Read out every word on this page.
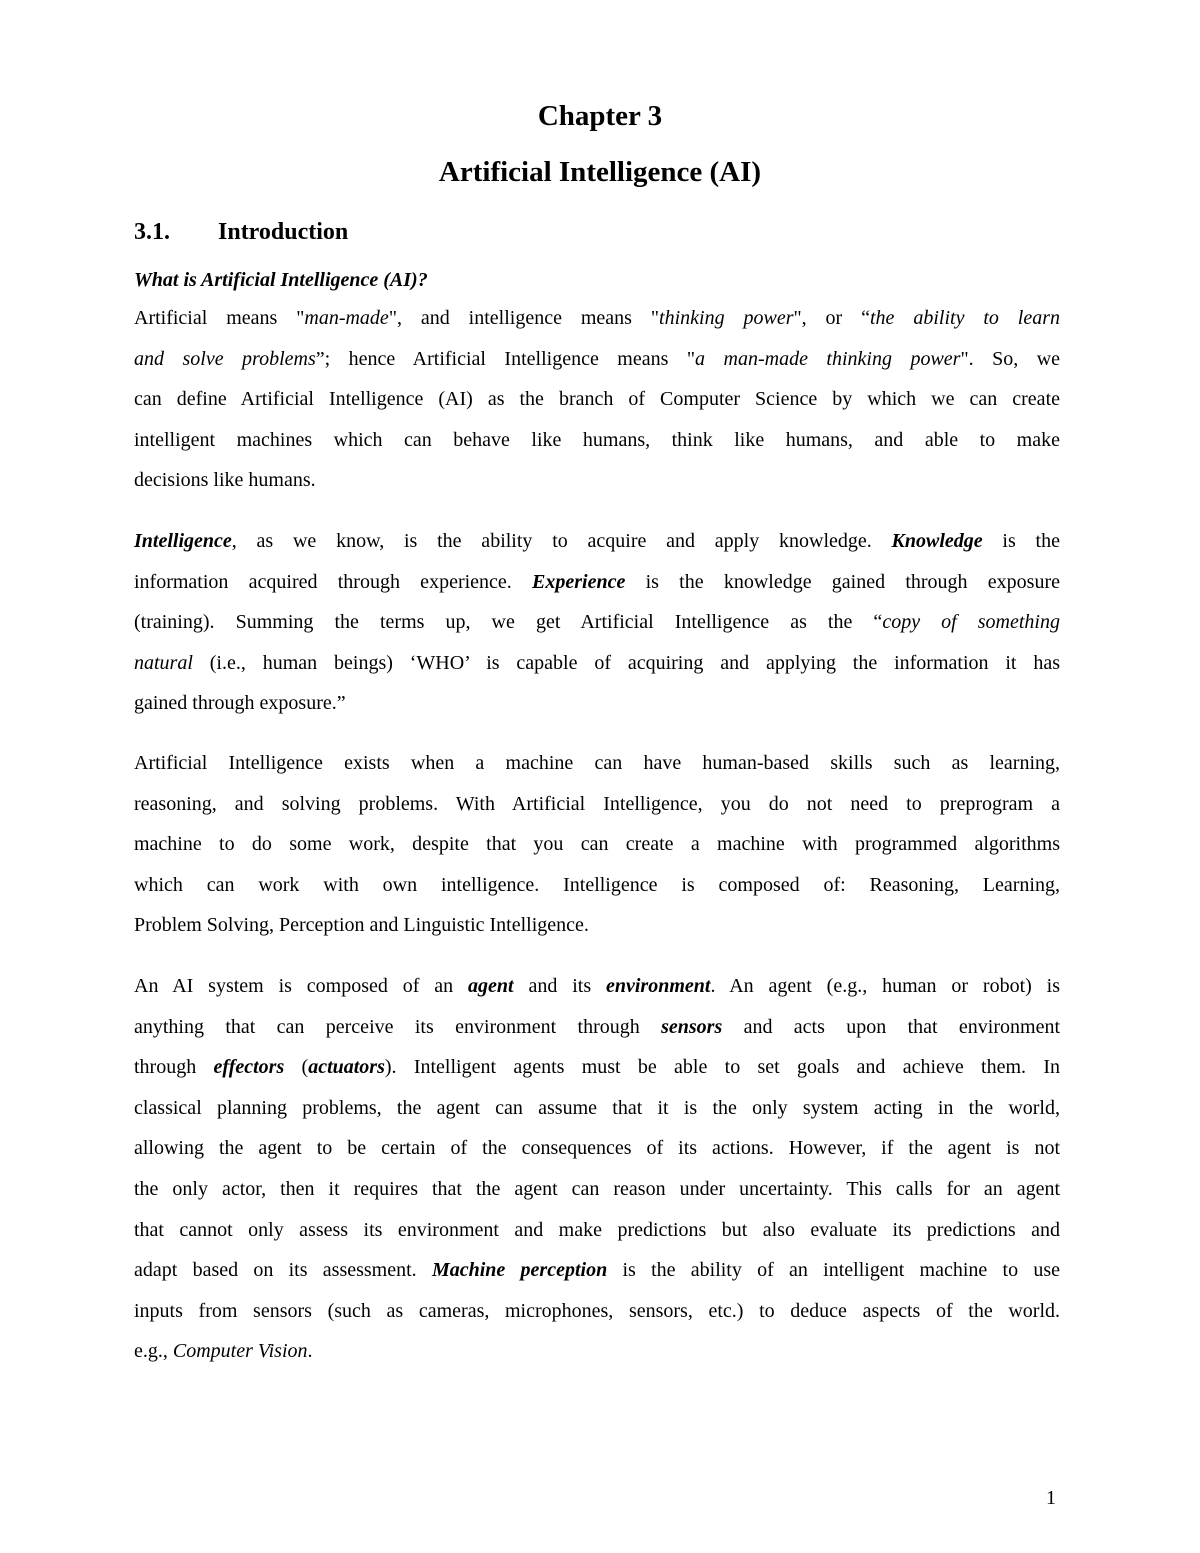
Chapter 3
Artificial Intelligence (AI)
3.1. Introduction
What is Artificial Intelligence (AI)?
Artificial means "man-made", and intelligence means "thinking power", or “the ability to learn
and solve problems”; hence Artificial Intelligence means "a man-made thinking power". So, we
can define Artificial Intelligence (AI) as the branch of Computer Science by which we can create
intelligent machines which can behave like humans, think like humans, and able to make
decisions like humans.
Intelligence, as we know, is the ability to acquire and apply knowledge. Knowledge is the
information acquired through experience. Experience is the knowledge gained through exposure
(training). Summing the terms up, we get Artificial Intelligence as the “copy of something
natural (i.e., human beings) ‘WHO’ is capable of acquiring and applying the information it has
gained through exposure.”
Artificial Intelligence exists when a machine can have human-based skills such as learning,
reasoning, and solving problems. With Artificial Intelligence, you do not need to preprogram a
machine to do some work, despite that you can create a machine with programmed algorithms
which can work with own intelligence. Intelligence is composed of: Reasoning, Learning,
Problem Solving, Perception and Linguistic Intelligence.
An AI system is composed of an agent and its environment. An agent (e.g., human or robot) is
anything that can perceive its environment through sensors and acts upon that environment
through effectors (actuators). Intelligent agents must be able to set goals and achieve them. In
classical planning problems, the agent can assume that it is the only system acting in the world,
allowing the agent to be certain of the consequences of its actions. However, if the agent is not
the only actor, then it requires that the agent can reason under uncertainty. This calls for an agent
that cannot only assess its environment and make predictions but also evaluate its predictions and
adapt based on its assessment. Machine perception is the ability of an intelligent machine to use
inputs from sensors (such as cameras, microphones, sensors, etc.) to deduce aspects of the world.
e.g., Computer Vision.
1
